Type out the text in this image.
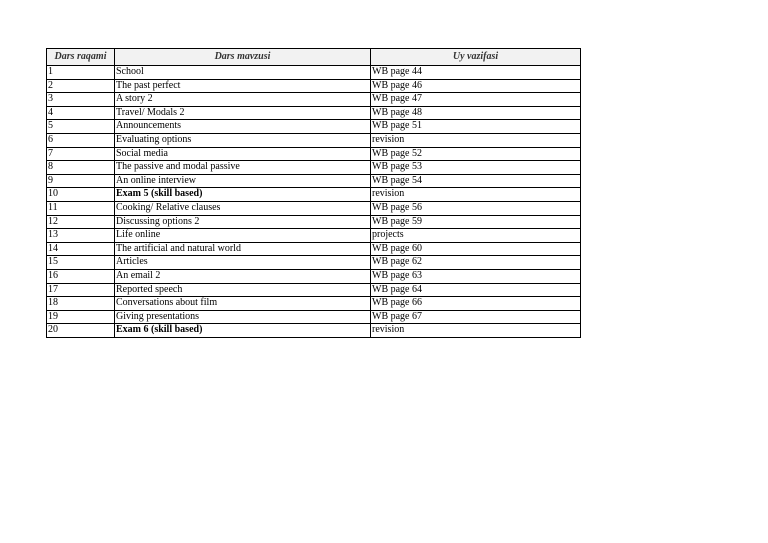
Dars raqami	Dars mavzusi	Uy vazifasi
1	School	WB page 44
2	The past perfect	WB page 46
3	A story 2	WB page 47
4	Travel/ Modals 2	WB page 48
5	Announcements	WB page 51
6	Evaluating options	revision
7	Social media	WB page 52
8	The passive and modal passive	WB page 53
9	An online interview	WB page 54
10	Exam 5 (skill based)	revision
11	Cooking/ Relative clauses	WB page 56
12	Discussing options 2	WB page 59
13	Life online	projects
14	The artificial and natural world	WB page 60
15	Articles	WB page 62
16	An email 2	WB page 63
17	Reported speech	WB page 64
18	Conversations about film	WB page 66
19	Giving presentations	WB page 67
20	Exam 6 (skill based)	revision
